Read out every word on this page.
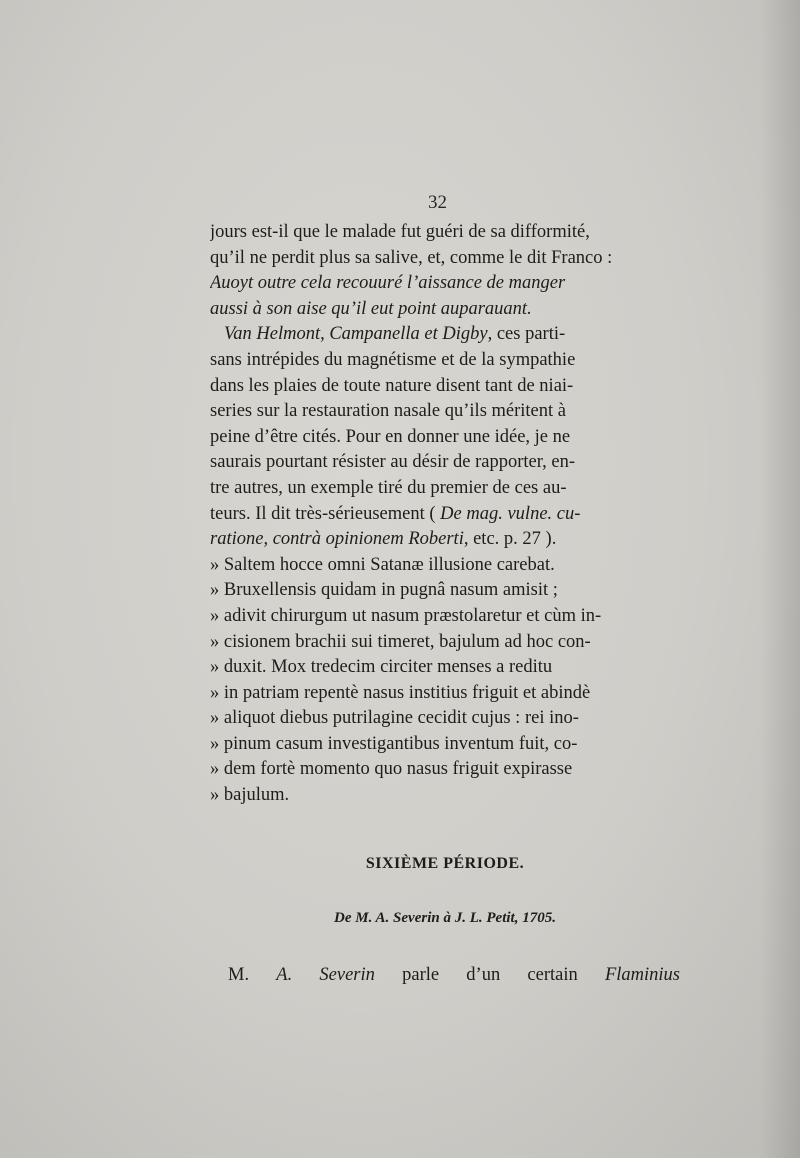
32
jours est-il que le malade fut guéri de sa difformité,
qu’il ne perdit plus sa salive, et, comme le dit Franco :
Auoyt outre cela recouuré l’aissance de manger
aussi à son aise qu’il eut point auparauant.
Van Helmont, Campanella et Digby, ces parti-
sans intrépides du magnétisme et de la sympathie
dans les plaies de toute nature disent tant de niai-
series sur la restauration nasale qu’ils méritent à
peine d’être cités. Pour en donner une idée, je ne
saurais pourtant résister au désir de rapporter, en-
tre autres, un exemple tiré du premier de ces au-
teurs. Il dit très-sérieusement ( De mag. vulne. cu-
ratione, contrà opinionem Roberti, etc. p. 27 ).
» Saltem hocce omni Satanæ illusione carebat.
» Bruxellensis quidam in pugnâ nasum amisit ;
» adivit chirurgum ut nasum præstolaretur et cùm in-
» cisionem brachii sui timeret, bajulum ad hoc con-
» duxit. Mox tredecim circiter menses a reditu
» in patriam repentè nasus institius friguit et abindè
» aliquot diebus putrilagine cecidit cujus : rei ino-
» pinum casum investigantibus inventum fuit, co-
» dem fortè momento quo nasus friguit expirasse
» bajulum.
SIXIÈME PÉRIODE.
De M. A. Severin à J. L. Petit, 1705.
M. A. Severin parle d’un certain Flaminius
